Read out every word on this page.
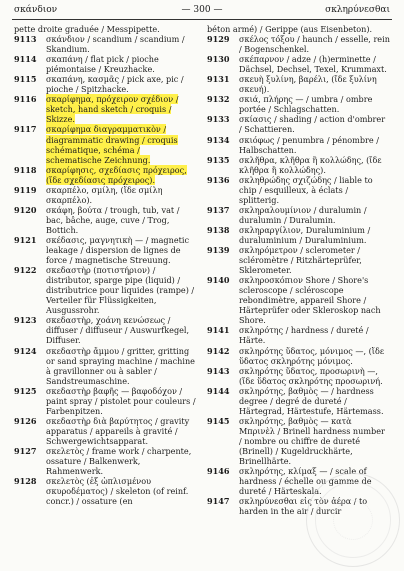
σκάνδιον	— 300 —	σκληρύνεσθαι
pette droite graduée / Messpipette.
9113 σκάνδιον / scandium / scandium / Skandium.
9114 σκαπάνη / flat pick / pioche piémontaise / Kreuzhacke.
9115 σκαπάνη, κασμᾶς / pick axe, pic / pioche / Spitzhacke.
9116 σκαρίφημα, πρόχειρον σχέδιον / sketch, hand sketch / croquis / Skizze.
9117 σκαρίφημα διαγραμματικὸν / diagrammatic drawing / croquis schématique, schéma / schematische Zeichnung.
9118 σκαρίφησις, σχεδίασις πρόχειρος, (ἴδε σχεδίασις πρόχειρος).
9119 σκαρπέλο, σμίλη, (ἴδε σμίλη σκαρπέλο).
9120 σκάφη, βούτα / trough, tub, vat / bac, bâche, auge, cuve / Trog, Bottich.
9121 σκέδασις, μαγνητικὴ — / magnetic leakage / dispersion de lignes de force / magnetische Streuung.
9122 σκεδαστὴρ (ποτιστήριον) / distributor, sparge pipe (liquid) / distributrice pour liquides (rampe) / Verteiler für Flüssigkeiten, Ausgussrohr.
9123 σκεδαστὴρ, χοάνη κενώσεως / diffuser / diffuseur / Auswurfkegel, Diffuser.
9124 σκεδαστὴρ ἄμμου / gritter, gritting or sand spraying machine / machine à gravillonner ou à sabler / Sandstreumaschine.
9125 σκεδαστὴρ βαφῆς — βαφοδόχον / paint spray / pistolet pour couleurs / Farbenpitzen.
9126 σκεδαστὴρ διὰ βαρύτητος / gravity apparatus / appareils à gravité / Schwergewichtsapparat.
9127 σκελετὸς / frame work / charpente, ossature / Balkenwerk, Rahmenwerk.
9128 σκελετὸς (ἐξ ὡπλισμένου σκυροδέματος) / skeleton (of reinf. concr.) / ossature (en
béton armé) / Gerippe (aus Eisenbeton).
9129 σκέλος τόξου / haunch / esselle, rein / Bogenschenkel.
9130 σκέπαρνον / adze / (h)erminette / Dächsel, Dechsel, Texel, Krummaxt.
9131 σκευὴ ξυλίνη, βαρέλι, (ἴδε ξυλίνη σκευή).
9132 σκιά, πλήρης — / umbra / ombre portée / Schlagschatten.
9133 σκίασις / shading / action d'ombrer / Schattieren.
9134 σκιόφως / penumbra / pénombre / Halbschatten.
9135 σκλῆθρα, κλῆθρα ἢ κολλώδης, (ἴδε κλῆθρα ἢ κολλώδης).
9136 σκληθρώδης σχιζώδης / liable to chip / esquilleux, à éclats / splitterig.
9137 σκληραλουμίνιον / duralumin / duralumin / Duralumin.
9138 σκληραργίλιον, Duraluminium / duraluminium / Duraluminium.
9139 σκληρόμετρον / sclerometer / scléromètre / Ritzhärteprüfer, Sklerometer.
9140 σκληροσκόπιον Shore / Shore's scleroscope / scléroscope rebondimètre, appareil Shore / Härteprüfer oder Skleroskop nach Shore.
9141 σκληρότης / hardness / dureté / Härte.
9142 σκληρότης ὕδατος, μόνιμος —, (ἴδε ὕδατος σκληρότης μόνιμος.
9143 σκληρότης ὕδατος, προσωρινὴ —, (ἴδε ὕδατος σκληρότης προσωρινή.
9144 σκληρότης, βαθμὸς — / hardness degree / degré de dureté / Härtegrad, Härtestufe, Härtemass.
9145 σκληρότης, βαθμὸς — κατὰ Μπρινὲλ / Brinell hardness number / nombre ou chiffre de dureté (Brinell) / Kugeldruckhärte, Brinellhärte.
9146 σκληρότης, κλίμαξ — / scale of hardness / échelle ou gamme de dureté / Härteskala.
9147 σκληρύνεσθαι εἰς τὸν ἀέρα / to harden in the air / durcir
